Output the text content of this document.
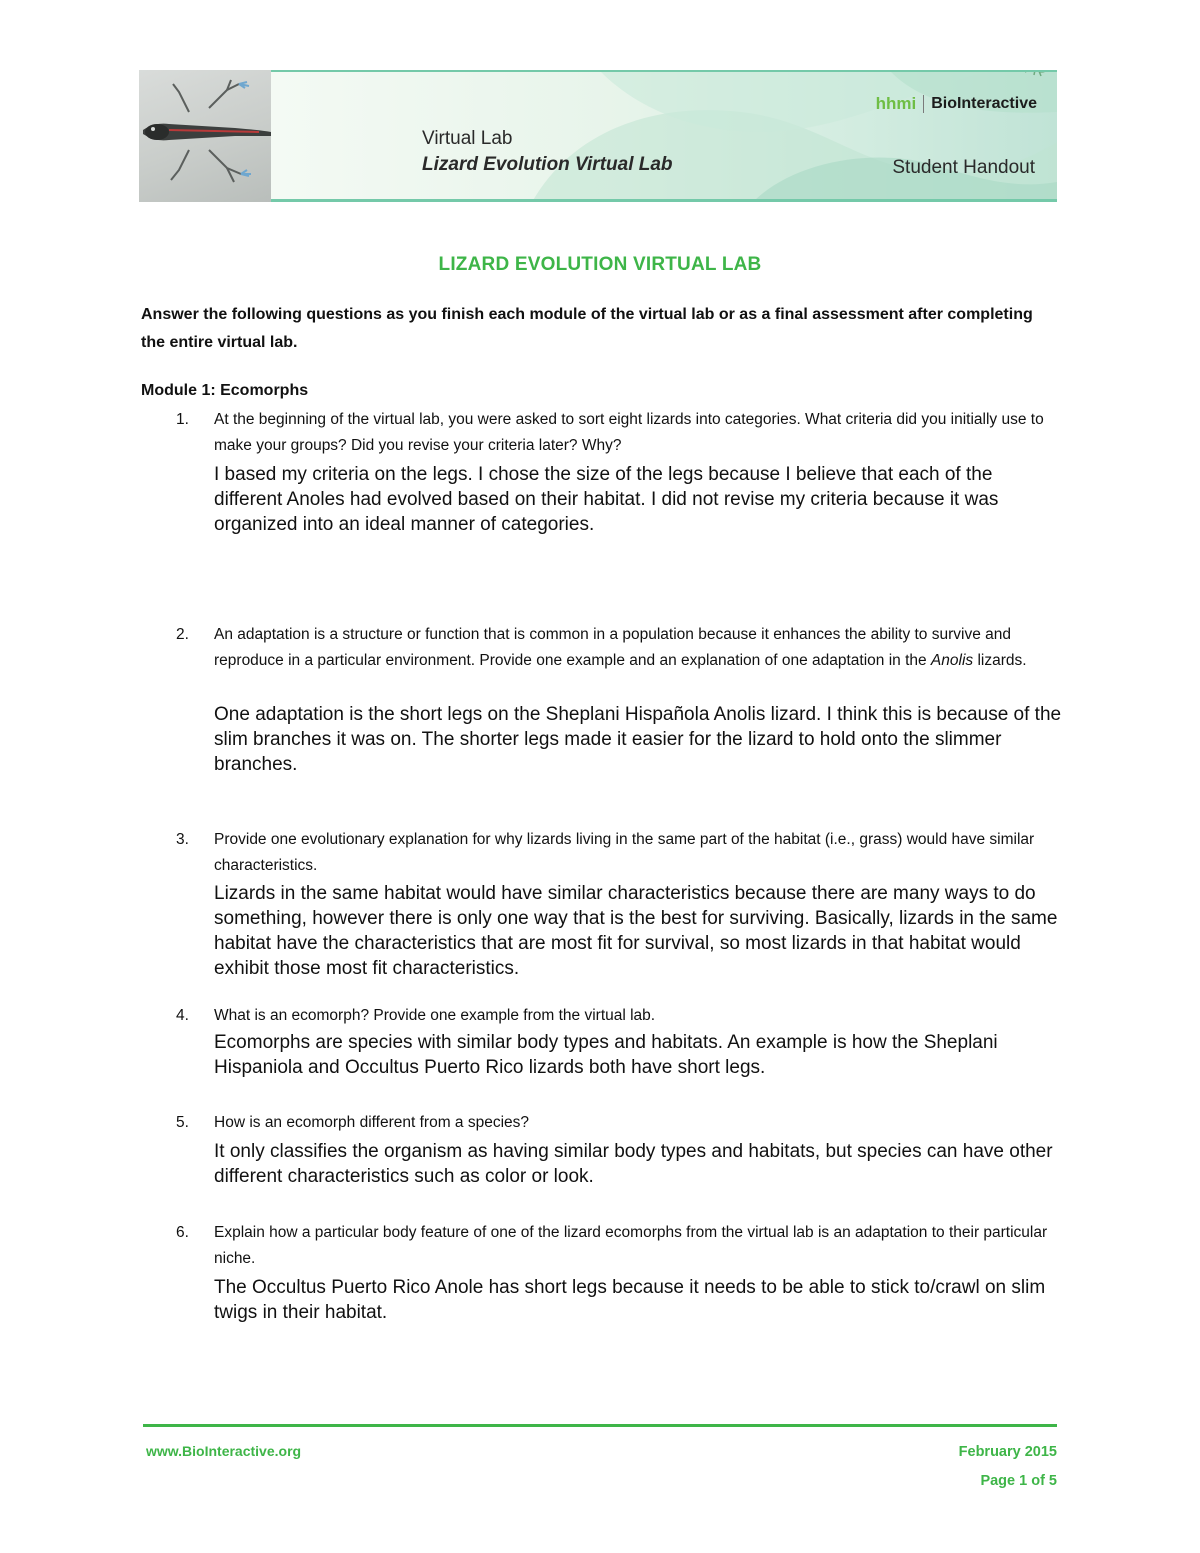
hhmi BioInteractive
Virtual Lab
Lizard Evolution Virtual Lab	Student Handout
LIZARD EVOLUTION VIRTUAL LAB
Answer the following questions as you finish each module of the virtual lab or as a final assessment after completing the entire virtual lab.
Module 1: Ecomorphs
1. At the beginning of the virtual lab, you were asked to sort eight lizards into categories. What criteria did you initially use to make your groups? Did you revise your criteria later? Why?
I based my criteria on the legs. I chose the size of the legs because I believe that each of the different Anoles had evolved based on their habitat. I did not revise my criteria because it was organized into an ideal manner of categories.
2. An adaptation is a structure or function that is common in a population because it enhances the ability to survive and reproduce in a particular environment. Provide one example and an explanation of one adaptation in the Anolis lizards.
One adaptation is the short legs on the Sheplani Hispañola Anolis lizard. I think this is because of the slim branches it was on. The shorter legs made it easier for the lizard to hold onto the slimmer branches.
3. Provide one evolutionary explanation for why lizards living in the same part of the habitat (i.e., grass) would have similar characteristics.
Lizards in the same habitat would have similar characteristics because there are many ways to do something, however there is only one way that is the best for surviving. Basically, lizards in the same habitat have the characteristics that are most fit for survival, so most lizards in that habitat would exhibit those most fit characteristics.
4. What is an ecomorph? Provide one example from the virtual lab.
Ecomorphs are species with similar body types and habitats. An example is how the Sheplani Hispaniola and Occultus Puerto Rico lizards both have short legs.
5. How is an ecomorph different from a species?
It only classifies the organism as having similar body types and habitats, but species can have other different characteristics such as color or look.
6. Explain how a particular body feature of one of the lizard ecomorphs from the virtual lab is an adaptation to their particular niche.
The Occultus Puerto Rico Anole has short legs because it needs to be able to stick to/crawl on slim twigs in their habitat.
www.BioInteractive.org	February 2015
Page 1 of 5
